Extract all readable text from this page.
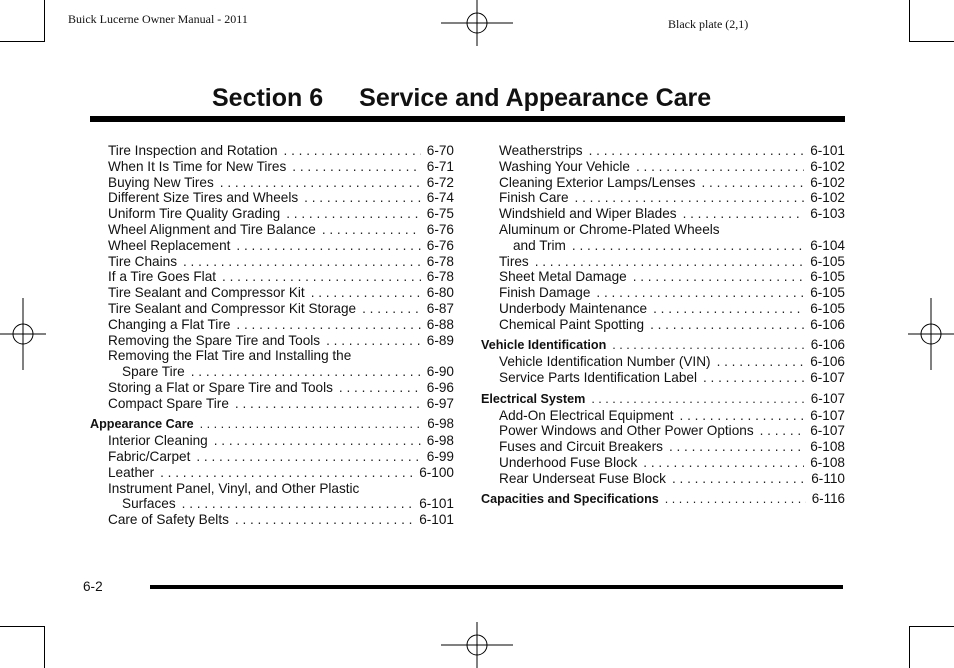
Buick Lucerne Owner Manual - 2011	Black plate (2,1)
Section 6 Service and Appearance Care
Tire Inspection and Rotation . . .	6-70
When It Is Time for New Tires . . .	6-71
Buying New Tires . . .	6-72
Different Size Tires and Wheels . . .	6-74
Uniform Tire Quality Grading . . .	6-75
Wheel Alignment and Tire Balance . . .	6-76
Wheel Replacement . . .	6-76
Tire Chains . . .	6-78
If a Tire Goes Flat . . .	6-78
Tire Sealant and Compressor Kit . . .	6-80
Tire Sealant and Compressor Kit Storage . . .	6-87
Changing a Flat Tire . . .	6-88
Removing the Spare Tire and Tools . . .	6-89
Removing the Flat Tire and Installing the
Spare Tire . . .	6-90
Storing a Flat or Spare Tire and Tools . . .	6-96
Compact Spare Tire . . .	6-97
Appearance Care . . .	6-98
Interior Cleaning . . .	6-98
Fabric/Carpet . . .	6-99
Leather . . .	6-100
Instrument Panel, Vinyl, and Other Plastic
Surfaces . . .	6-101
Care of Safety Belts . . .	6-101
Weatherstrips . . .	6-101
Washing Your Vehicle . . .	6-102
Cleaning Exterior Lamps/Lenses . . .	6-102
Finish Care . . .	6-102
Windshield and Wiper Blades . . .	6-103
Aluminum or Chrome-Plated Wheels
and Trim . . .	6-104
Tires . . .	6-105
Sheet Metal Damage . . .	6-105
Finish Damage . . .	6-105
Underbody Maintenance . . .	6-105
Chemical Paint Spotting . . .	6-106
Vehicle Identification . . .	6-106
Vehicle Identification Number (VIN) . . .	6-106
Service Parts Identification Label . . .	6-107
Electrical System . . .	6-107
Add-On Electrical Equipment . . .	6-107
Power Windows and Other Power Options . . .	6-107
Fuses and Circuit Breakers . . .	6-108
Underhood Fuse Block . . .	6-108
Rear Underseat Fuse Block . . .	6-110
Capacities and Specifications . . .	6-116
6-2
